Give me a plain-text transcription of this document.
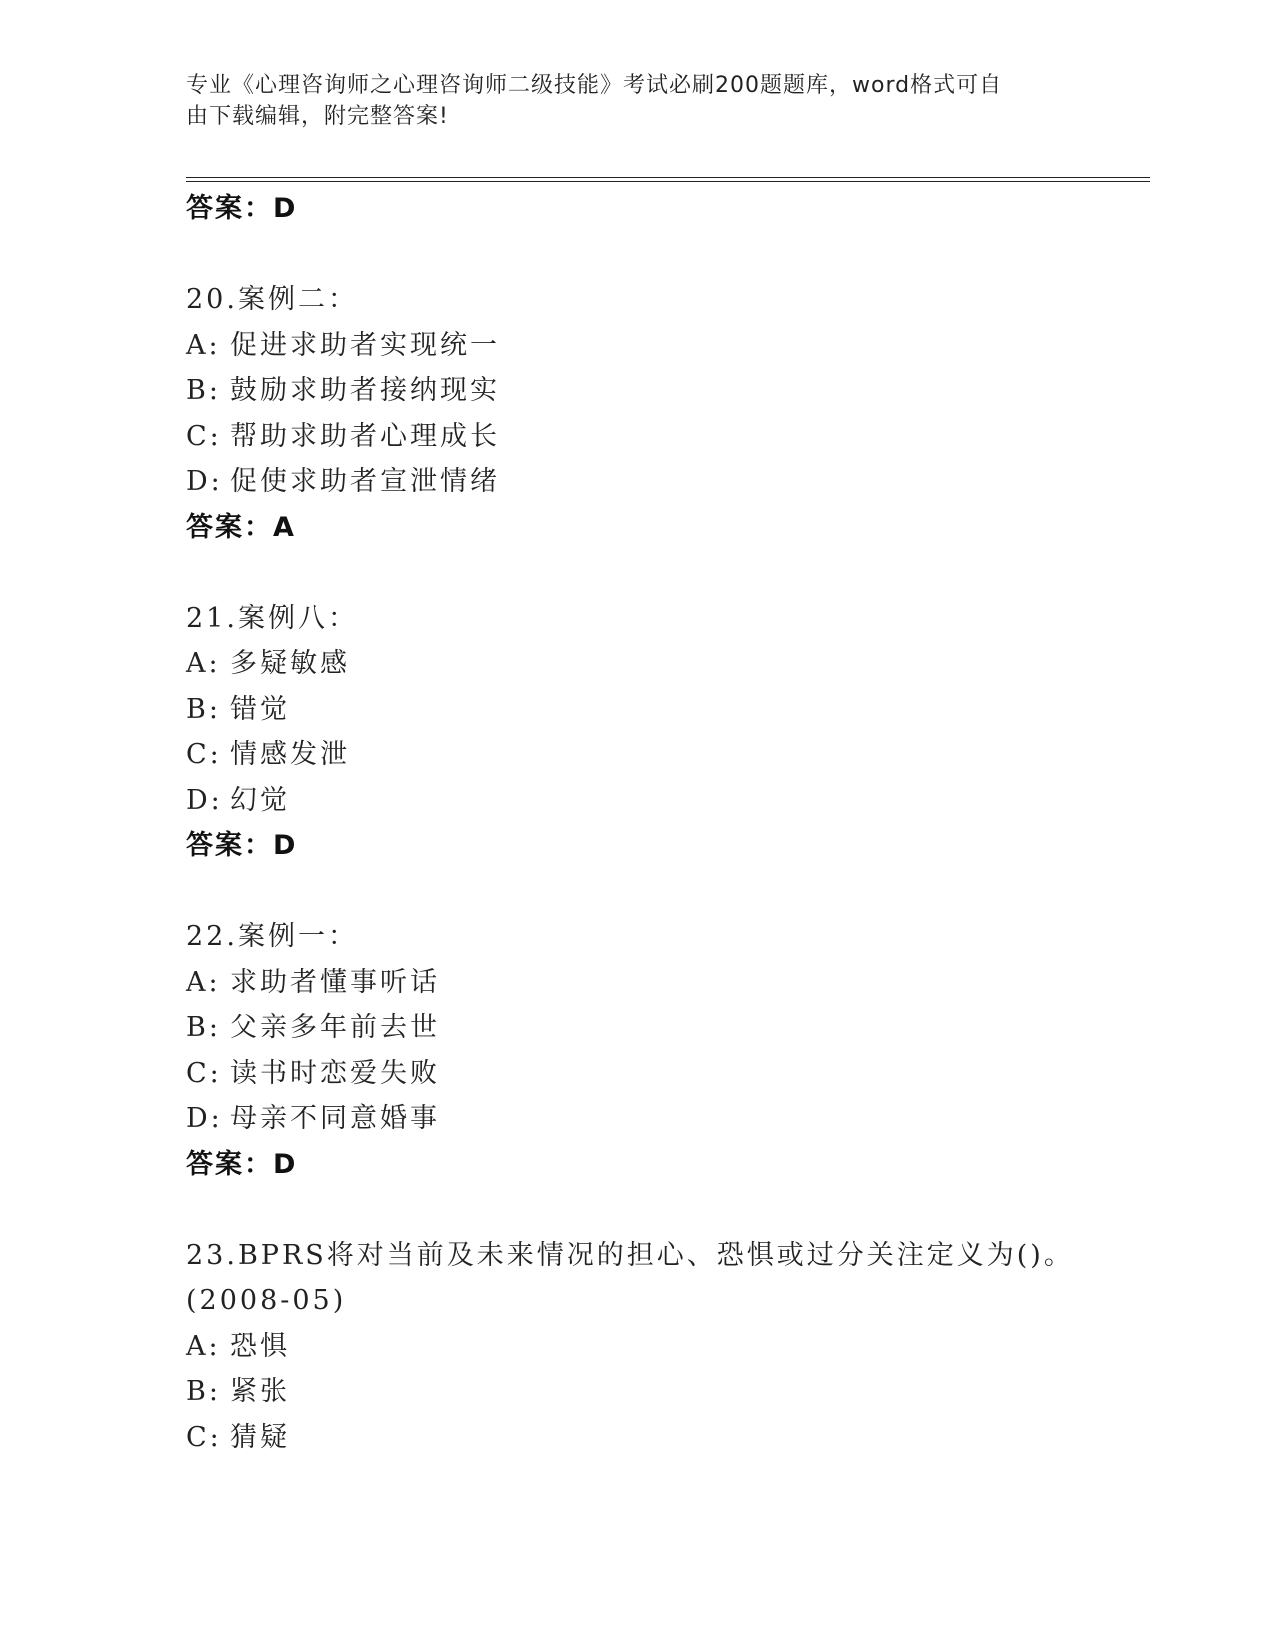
专业《心理咨询师之心理咨询师二级技能》考试必刷200题题库，word格式可自
由下载编辑，附完整答案!
答案：D
20.案例二：
A: 促进求助者实现统一
B: 鼓励求助者接纳现实
C: 帮助求助者心理成长
D: 促使求助者宣泄情绪
答案：A
21.案例八：
A: 多疑敏感
B: 错觉
C: 情感发泄
D: 幻觉
答案：D
22.案例一：
A: 求助者懂事听话
B: 父亲多年前去世
C: 读书时恋爱失败
D: 母亲不同意婚事
答案：D
23.BPRS将对当前及未来情况的担心、恐惧或过分关注定义为()。
(2008-05)
A: 恐惧
B: 紧张
C: 猜疑
